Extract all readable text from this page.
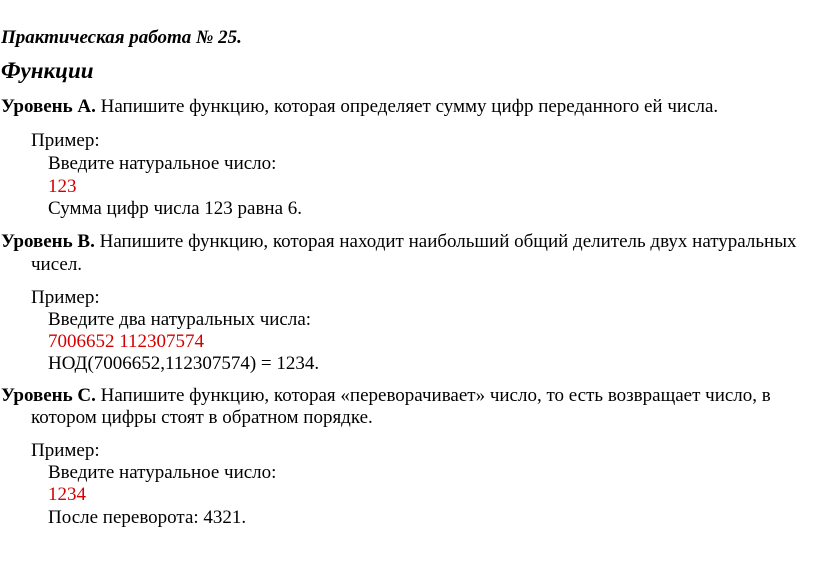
Практическая работа № 25.
Функции
Уровень А. Напишите функцию, которая определяет сумму цифр переданного ей числа.
Пример:
Введите натуральное число:
123
Сумма цифр числа 123 равна 6.
Уровень В. Напишите функцию, которая находит наибольший общий делитель двух натуральных
чисел.
Пример:
Введите два натуральных числа:
7006652 112307574
НОД(7006652,112307574) = 1234.
Уровень С. Напишите функцию, которая «переворачивает» число, то есть возвращает число, в
котором цифры стоят в обратном порядке.
Пример:
Введите натуральное число:
1234
После переворота: 4321.
